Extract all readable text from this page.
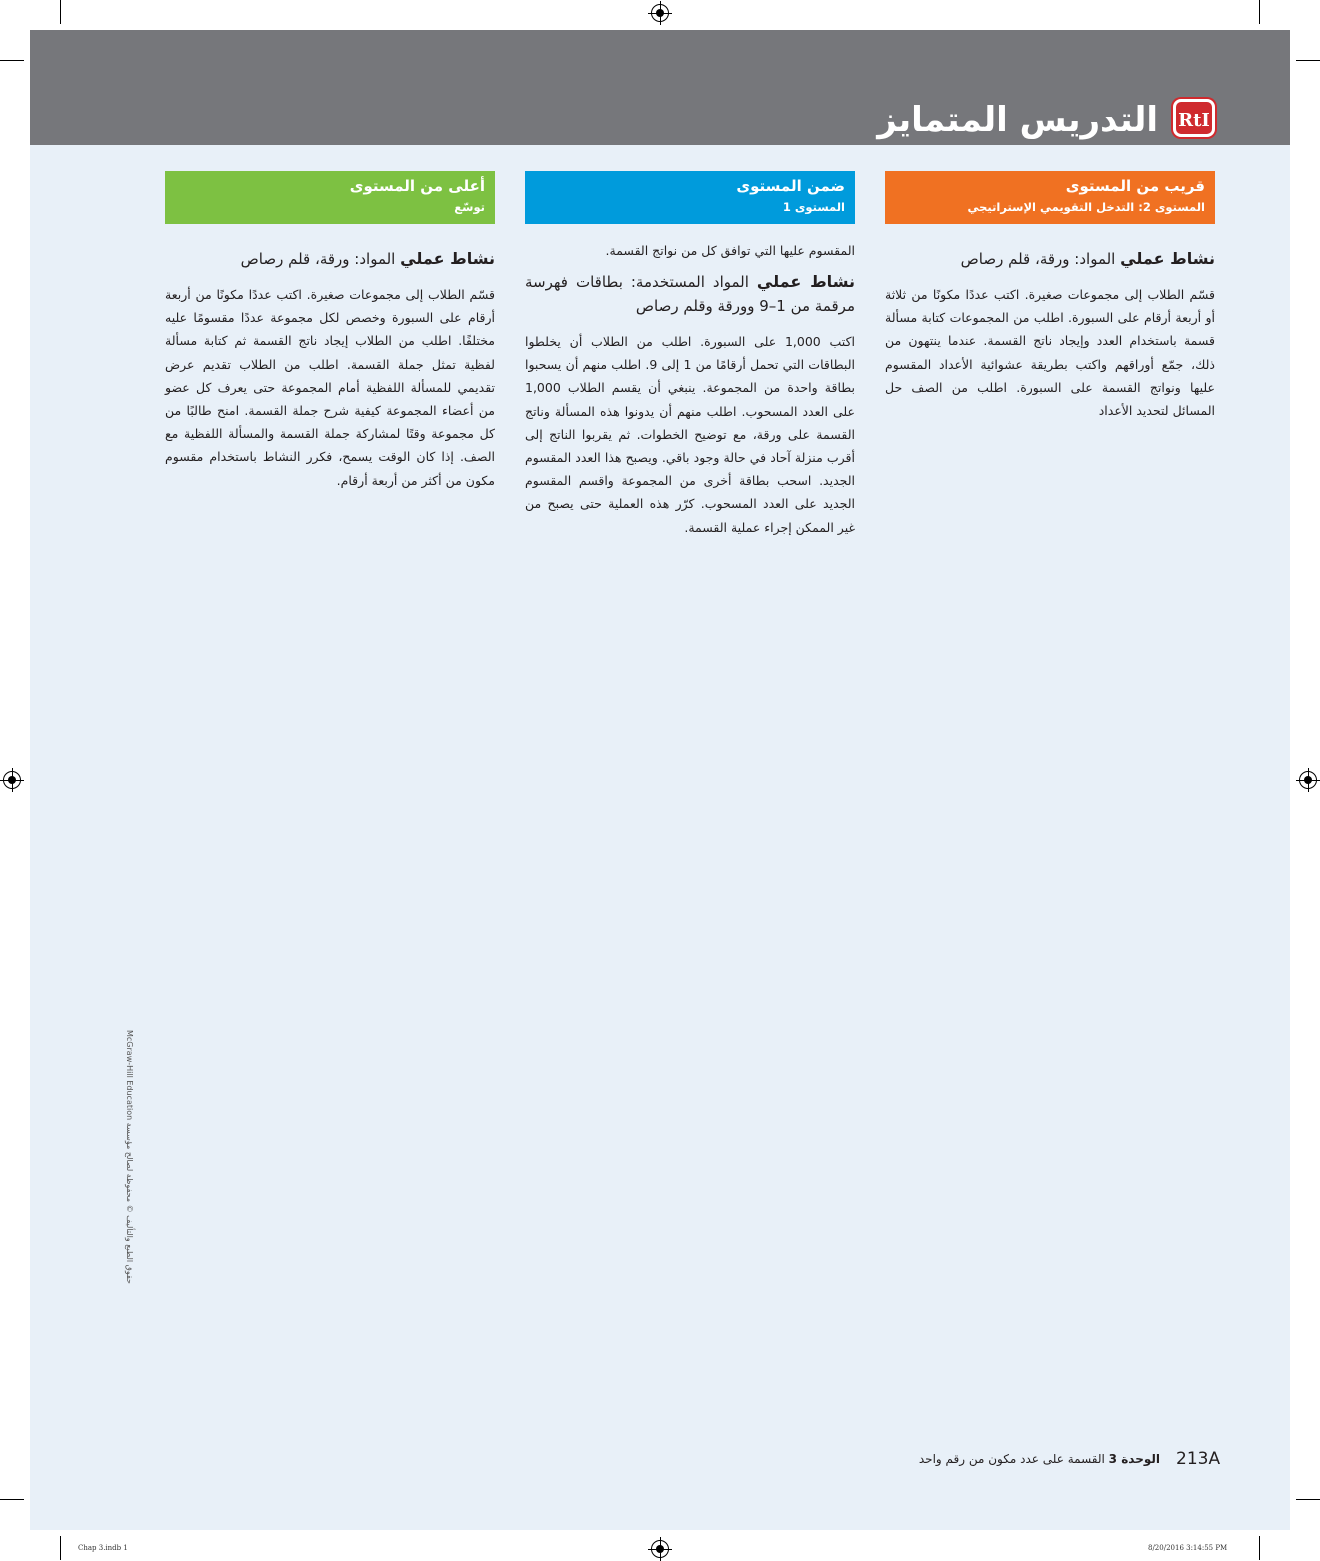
التدريس المتمايز RtI
قريب من المستوى
المستوى 2: التدخل التقويمي الإستراتيجي

نشاط عملي المواد: ورقة، قلم رصاص

قسّم الطلاب إلى مجموعات صغيرة. اكتب عددًا مكونًا من ثلاثة أو أربعة أرقام على السبورة. اطلب من المجموعات كتابة مسألة قسمة باستخدام العدد وإيجاد ناتج القسمة. عندما ينتهون من ذلك، جمّع أوراقهم واكتب بطريقة عشوائية الأعداد المقسوم عليها ونواتج القسمة على السبورة. اطلب من الصف حل المسائل لتحديد الأعداد

ضمن المستوى
المستوى 1

المقسوم عليها التي توافق كل من نواتج القسمة.

نشاط عملي المواد المستخدمة: بطاقات فهرسة مرقمة من 1–9 وورقة وقلم رصاص

اكتب 1,000 على السبورة. اطلب من الطلاب أن يخلطوا البطاقات التي تحمل أرقامًا من 1 إلى 9. اطلب منهم أن يسحبوا بطاقة واحدة من المجموعة. ينبغي أن يقسم الطلاب 1,000 على العدد المسحوب. اطلب منهم أن يدونوا هذه المسألة وناتج القسمة على ورقة، مع توضيح الخطوات. ثم يقربوا الناتج إلى أقرب منزلة آحاد في حالة وجود باقي. ويصبح هذا العدد المقسوم الجديد. اسحب بطاقة أخرى من المجموعة واقسم المقسوم الجديد على العدد المسحوب. كرّر هذه العملية حتى يصبح من غير الممكن إجراء عملية القسمة.

أعلى من المستوى
توسّع

نشاط عملي المواد: ورقة، قلم رصاص

قسّم الطلاب إلى مجموعات صغيرة. اكتب عددًا مكونًا من أربعة أرقام على السبورة وخصص لكل مجموعة عددًا مقسومًا عليه مختلفًا. اطلب من الطلاب إيجاد ناتج القسمة ثم كتابة مسألة لفظية تمثل جملة القسمة. اطلب من الطلاب تقديم عرض تقديمي للمسألة اللفظية أمام المجموعة حتى يعرف كل عضو من أعضاء المجموعة كيفية شرح جملة القسمة. امنح طالبًا من كل مجموعة وقتًا لمشاركة جملة القسمة والمسألة اللفظية مع الصف. إذا كان الوقت يسمح، فكرر النشاط باستخدام مقسوم مكون من أكثر من أربعة أرقام.

حقوق الطبع والتأليف © محفوظة لصالح مؤسسة McGraw-Hill Education
213A
الوحدة 3 القسمة على عدد مكون من رقم واحد
Chap 3.indb 1	8/20/2016 3:14:55 PM
